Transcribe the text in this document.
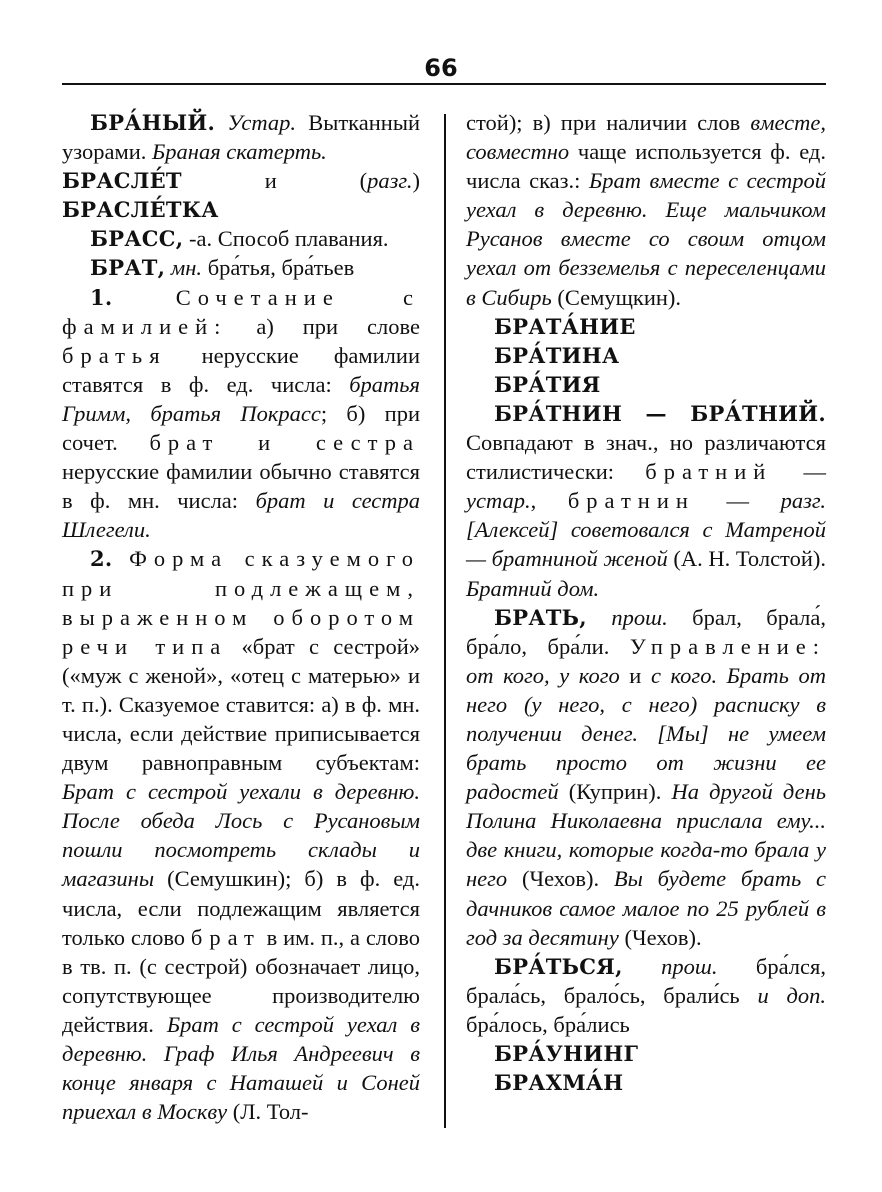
66

БРА́НЫЙ. Устар. Вытканный узорами. Браная скатерть.

БРАСЛЕ́Т и (разг.) БРАСЛЕ́ТКА

БРАСС, -а. Способ плавания.

БРАТ, мн. бра́тья, бра́тьев

1. Сочетание с фамилией: а) при слове братья нерусские фамилии ставятся в ф. ед. числа: братья Гримм, братья Покрасс; б) при сочет. брат и сестра нерусские фамилии обычно ставятся в ф. мн. числа: брат и сестра Шлегели.

2. Форма сказуемого при подлежащем, выраженном оборотом речи типа «брат с сестрой» («муж с женой», «отец с матерью» и т. п.). Сказуемое ставится: а) в ф. мн. числа, если действие приписывается двум равноправным субъектам: Брат с сестрой уехали в деревню. После обеда Лось с Русановым пошли посмотреть склады и магазины (Семушкин); б) в ф. ед. числа, если подлежащим является только слово брат в им. п., а слово в тв. п. (с сестрой) обозначает лицо, сопутствующее производителю действия. Брат с сестрой уехал в деревню. Граф Илья Андреевич в конце января с Наташей и Соней приехал в Москву (Л. Тол-

стой); в) при наличии слов вместе, совместно чаще используется ф. ед. числа сказ.: Брат вместе с сестрой уехал в деревню. Еще мальчиком Русанов вместе со своим отцом уехал от безземелья с переселенцами в Сибирь (Семущкин).

БРАТА́НИЕ

БРА́ТИНА

БРА́ТИЯ

БРА́ТНИН — БРА́ТНИЙ. Совпадают в знач., но различаются стилистически: братний — устар., братнин — разг. [Алексей] советовался с Матреной — братниной женой (А. Н. Толстой). Братний дом.

БРАТЬ, прош. брал, брала́, бра́ло, бра́ли. Управление: от кого, у кого и с кого. Брать от него (у него, с него) расписку в получении денег. [Мы] не умеем брать просто от жизни ее радостей (Куприн). На другой день Полина Николаевна прислала ему... две книги, которые когда-то брала у него (Чехов). Вы будете брать с дачников самое малое по 25 рублей в год за десятину (Чехов).

БРА́ТЬСЯ, прош. бра́лся, брала́сь, брало́сь, брали́сь и доп. бра́лось, бра́лись

БРА́УНИНГ

БРАХМА́Н
